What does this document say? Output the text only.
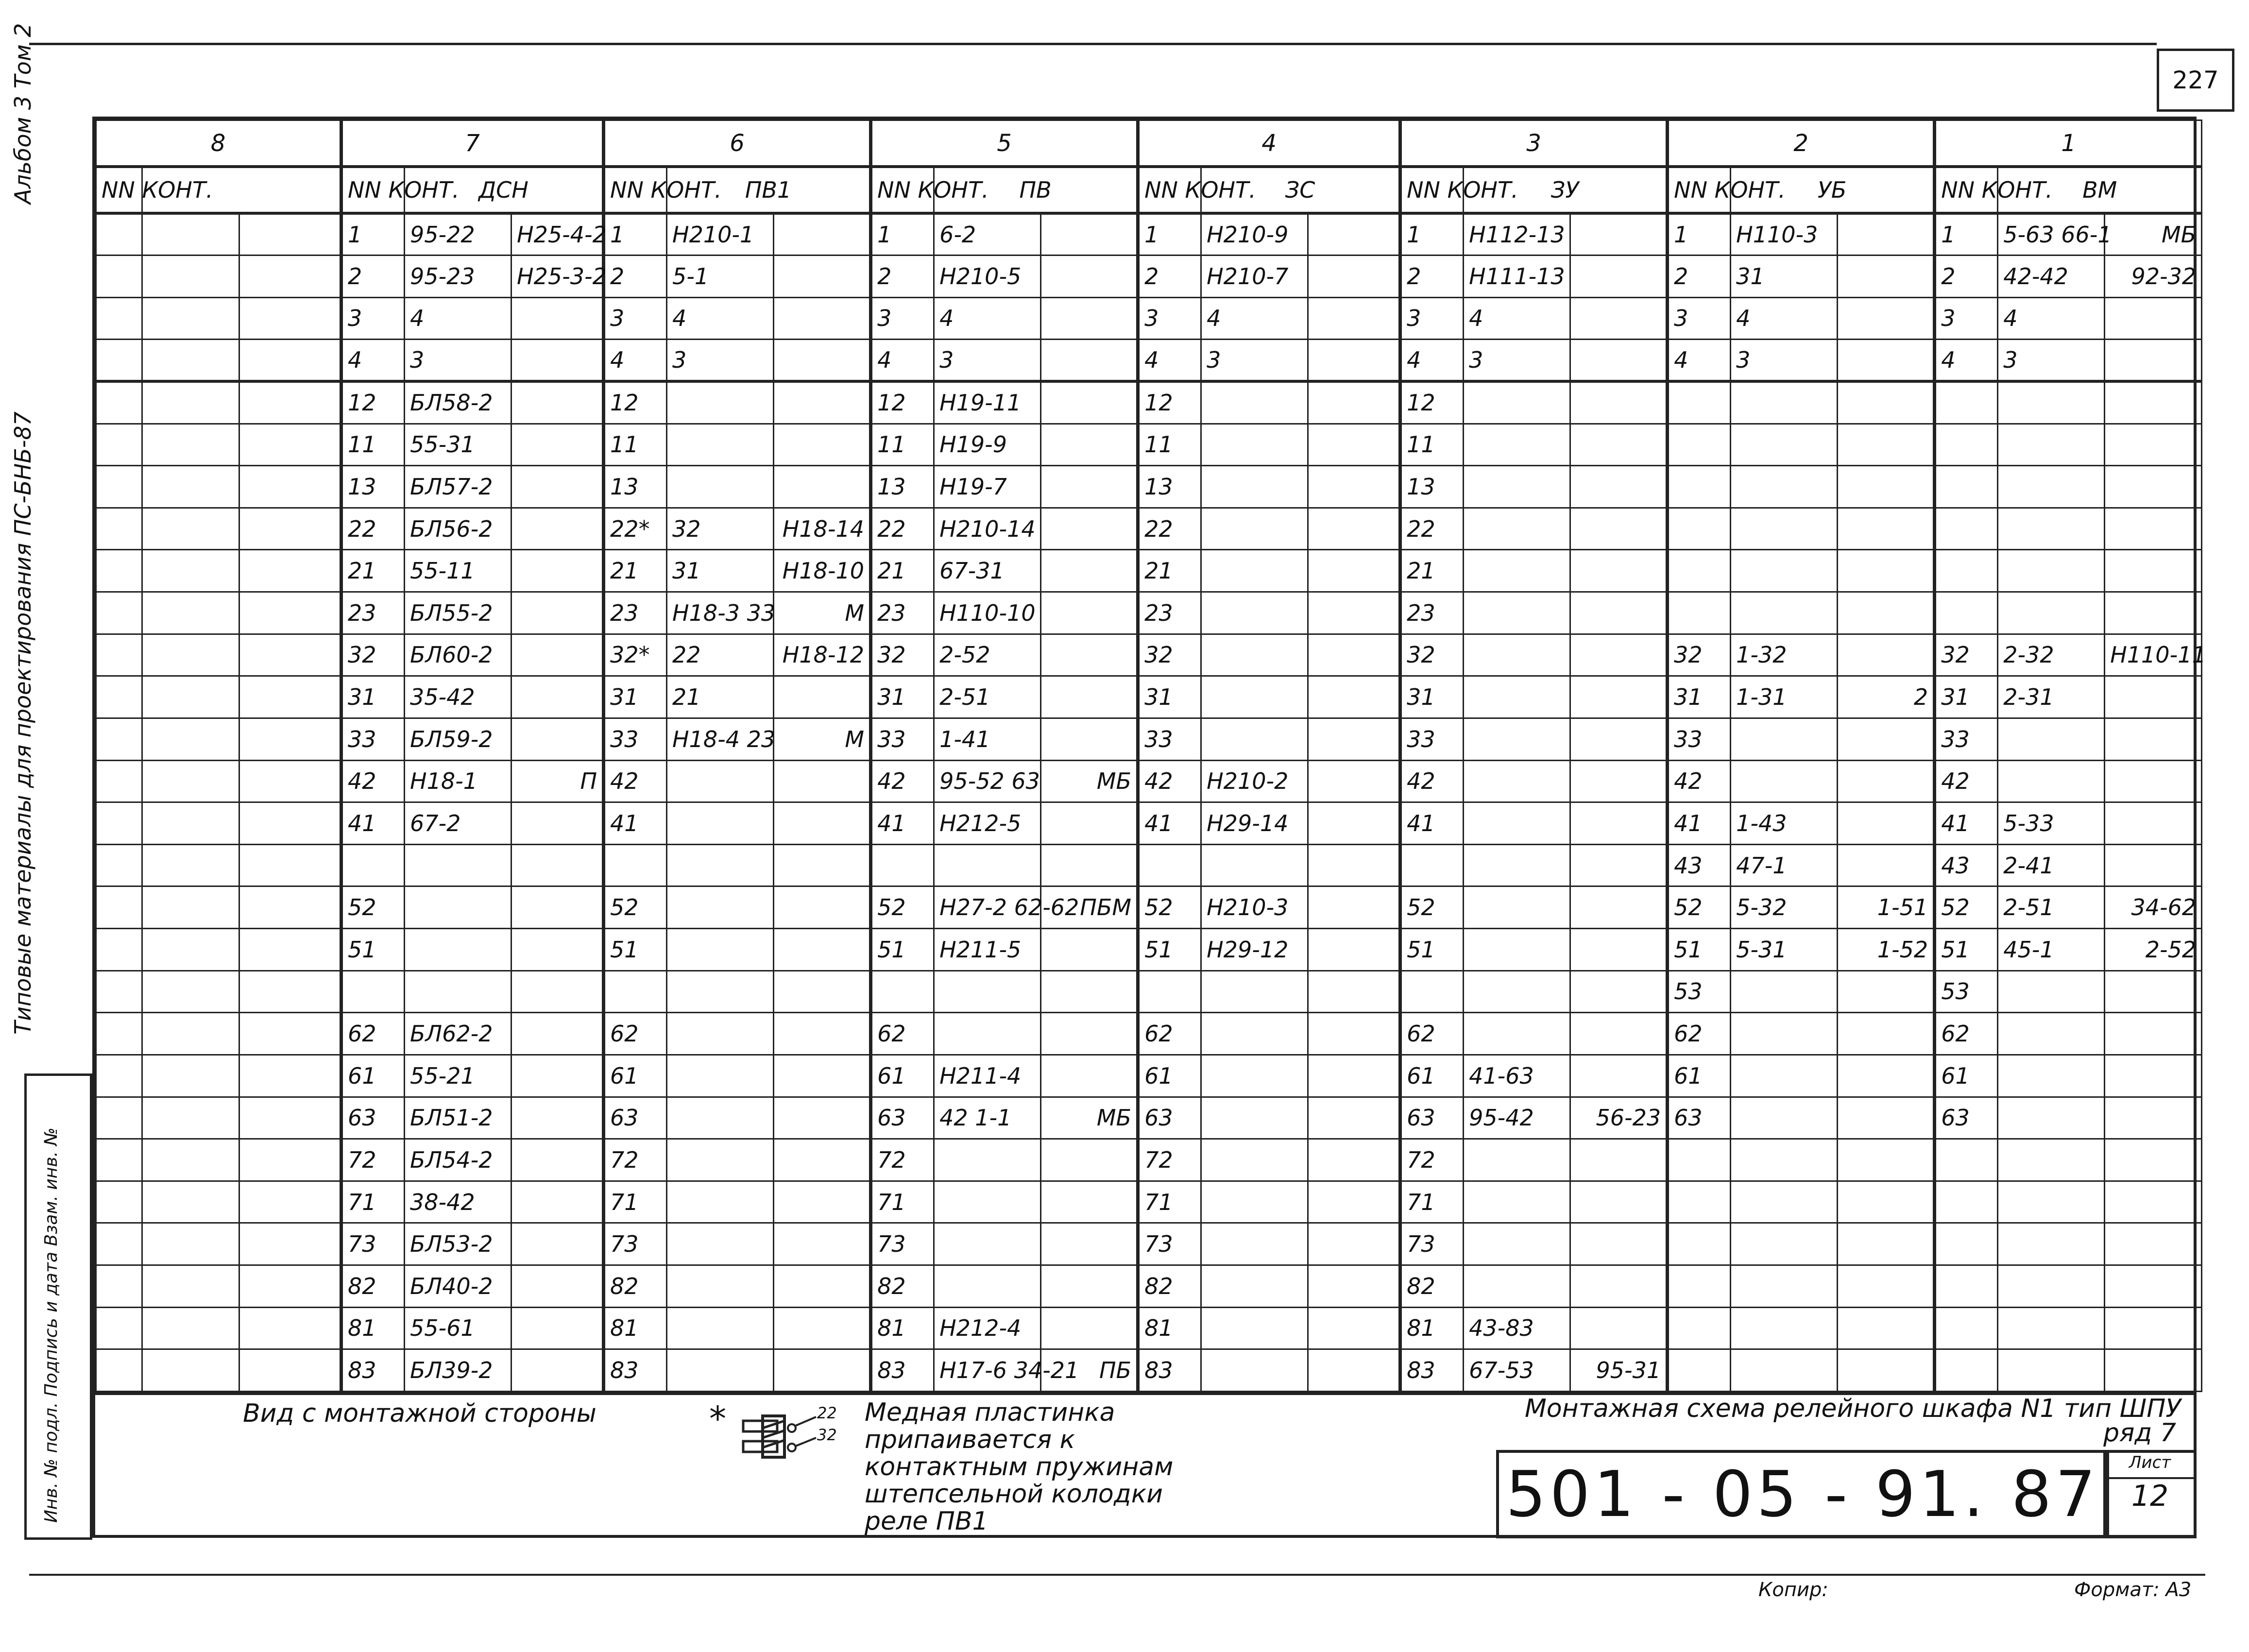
227
Альбом 3 Том 2
Типовые материалы для проектирования ПС-БНБ-87
Инв. № подл. Подпись и дата Взам. инв. №
8			7			6			5			4			3			2			1		
NN КОНТ.			NN КОНТ.	ДСН		NN КОНТ.	ПВ1		NN КОНТ.	ПВ		NN КОНТ.	ЗС		NN КОНТ.	ЗУ		NN КОНТ.	УБ		NN КОНТ.	ВМ	
			1	95-22	Н25-4-2	1	Н210-1		1	6-2		1	Н210-9		1	Н112-13		1	Н110-3		1	5-63 66-1	МБ
			2	95-23	Н25-3-2	2	5-1		2	Н210-5		2	Н210-7		2	Н111-13		2	31		2	42-42	92-32
			3	4		3	4		3	4		3	4		3	4		3	4		3	4	
			4	3		4	3		4	3		4	3		4	3		4	3		4	3	
			12	БЛ58-2		12			12	Н19-11		12			12								
			11	55-31		11			11	Н19-9		11			11								
			13	БЛ57-2		13			13	Н19-7		13			13								
			22	БЛ56-2		22*	32	Н18-14	22	Н210-14		22			22								
			21	55-11		21	31	Н18-10	21	67-31		21			21								
			23	БЛ55-2		23	Н18-3 33	М	23	Н110-10		23			23								
			32	БЛ60-2		32*	22	Н18-12	32	2-52		32			32			32	1-32		32	2-32	Н110-11
			31	35-42		31	21		31	2-51		31			31			31	1-31	2	31	2-31	
			33	БЛ59-2		33	Н18-4 23	М	33	1-41		33			33			33			33		
			42	Н18-1	П	42			42	95-52 63	МБ	42	Н210-2		42			42			42		
			41	67-2		41			41	Н212-5		41	Н29-14		41			41	1-43		41	5-33	
																		43	47-1		43	2-41	
			52			52			52	Н27-2 62-62	ПБМ	52	Н210-3		52			52	5-32	1-51	52	2-51	34-62
			51			51			51	Н211-5		51	Н29-12		51			51	5-31	1-52	51	45-1	2-52
																		53			53		
			62	БЛ62-2		62			62			62			62			62			62		
			61	55-21		61			61	Н211-4		61			61	41-63		61			61		
			63	БЛ51-2		63			63	42 1-1	МБ	63			63	95-42	56-23	63			63		
			72	БЛ54-2		72			72			72			72								
			71	38-42		71			71			71			71								
			73	БЛ53-2		73			73			73			73								
			82	БЛ40-2		82			82			82			82								
			81	55-61		81			81	Н212-4		81			81	43-83							
			83	БЛ39-2		83			83	Н17-6 34-21	ПБ	83			83	67-53	95-31						
Вид с монтажной стороны	*	22
32
Медная пластинка
припаивается к
контактным пружинам
штепсельной колодки
реле ПВ1
Монтажная схема релейного шкафа N1 тип ШПУ
ряд 7
501 - 05 - 91. 87	Лист
12
Копир:	Формат: А3
